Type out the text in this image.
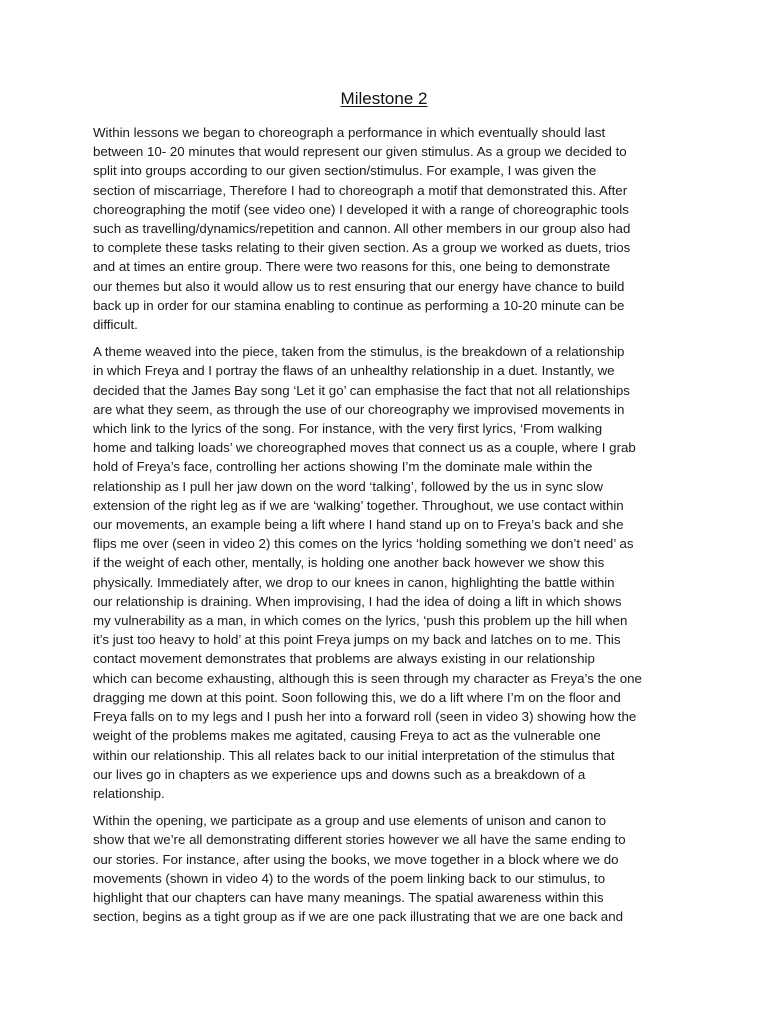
Milestone 2

Within lessons we began to choreograph a performance in which eventually should last
between 10- 20 minutes that would represent our given stimulus. As a group we decided to
split into groups according to our given section/stimulus. For example, I was given the
section of miscarriage, Therefore I had to choreograph a motif that demonstrated this. After
choreographing the motif (see video one) I developed it with a range of choreographic tools
such as travelling/dynamics/repetition and cannon. All other members in our group also had
to complete these tasks relating to their given section. As a group we worked as duets, trios
and at times an entire group. There were two reasons for this, one being to demonstrate
our themes but also it would allow us to rest ensuring that our energy have chance to build
back up in order for our stamina enabling to continue as performing a 10-20 minute can be
difficult.

A theme weaved into the piece, taken from the stimulus, is the breakdown of a relationship
in which Freya and I portray the flaws of an unhealthy relationship in a duet. Instantly, we
decided that the James Bay song ‘Let it go’ can emphasise the fact that not all relationships
are what they seem, as through the use of our choreography we improvised movements in
which link to the lyrics of the song. For instance, with the very first lyrics, ‘From walking
home and talking loads’ we choreographed moves that connect us as a couple, where I grab
hold of Freya’s face, controlling her actions showing I’m the dominate male within the
relationship as I pull her jaw down on the word ‘talking’, followed by the us in sync slow
extension of the right leg as if we are ‘walking’ together. Throughout, we use contact within
our movements, an example being a lift where I hand stand up on to Freya’s back and she
flips me over (seen in video 2) this comes on the lyrics ‘holding something we don’t need’ as
if the weight of each other, mentally, is holding one another back however we show this
physically. Immediately after, we drop to our knees in canon, highlighting the battle within
our relationship is draining. When improvising, I had the idea of doing a lift in which shows
my vulnerability as a man, in which comes on the lyrics, ‘push this problem up the hill when
it’s just too heavy to hold’ at this point Freya jumps on my back and latches on to me. This
contact movement demonstrates that problems are always existing in our relationship
which can become exhausting, although this is seen through my character as Freya’s the one
dragging me down at this point. Soon following this, we do a lift where I’m on the floor and
Freya falls on to my legs and I push her into a forward roll (seen in video 3) showing how the
weight of the problems makes me agitated, causing Freya to act as the vulnerable one
within our relationship. This all relates back to our initial interpretation of the stimulus that
our lives go in chapters as we experience ups and downs such as a breakdown of a
relationship.

Within the opening, we participate as a group and use elements of unison and canon to
show that we’re all demonstrating different stories however we all have the same ending to
our stories. For instance, after using the books, we move together in a block where we do
movements (shown in video 4) to the words of the poem linking back to our stimulus, to
highlight that our chapters can have many meanings. The spatial awareness within this
section, begins as a tight group as if we are one pack illustrating that we are one back and
